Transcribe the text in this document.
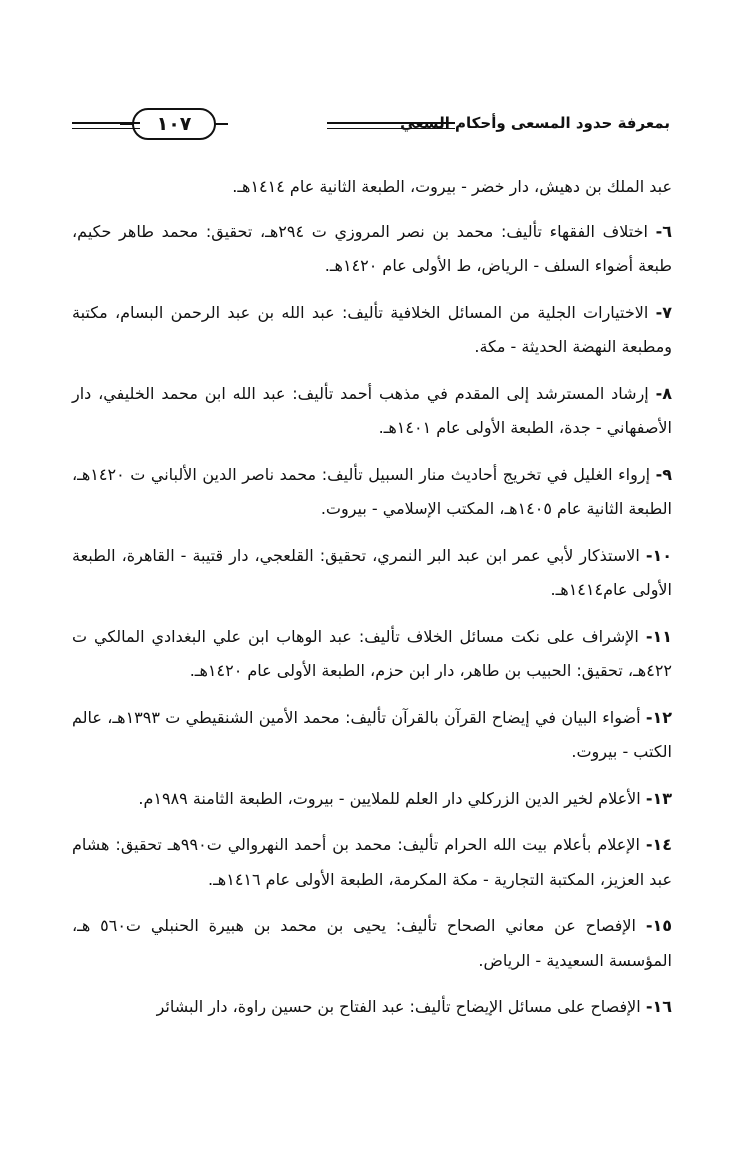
بمعرفة حدود المسعى وأحكام السعي
١٠٧

عبد الملك بن دهيش، دار خضر - بيروت، الطبعة الثانية عام ١٤١٤هـ.

٦- اختلاف الفقهاء تأليف: محمد بن نصر المروزي ت ٢٩٤هـ، تحقيق: محمد طاهر حكيم، طبعة أضواء السلف - الرياض، ط الأولى عام ١٤٢٠هـ.

٧- الاختيارات الجلية من المسائل الخلافية تأليف: عبد الله بن عبد الرحمن البسام، مكتبة ومطبعة النهضة الحديثة - مكة.

٨- إرشاد المسترشد إلى المقدم في مذهب أحمد تأليف: عبد الله ابن محمد الخليفي، دار الأصفهاني - جدة، الطبعة الأولى عام ١٤٠١هـ.

٩- إرواء الغليل في تخريج أحاديث منار السبيل تأليف: محمد ناصر الدين الألباني ت ١٤٢٠هـ، الطبعة الثانية عام ١٤٠٥هـ، المكتب الإسلامي - بيروت.

١٠- الاستذكار لأبي عمر ابن عبد البر النمري، تحقيق: القلعجي، دار قتيبة - القاهرة، الطبعة الأولى عام١٤١٤هـ.

١١- الإشراف على نكت مسائل الخلاف تأليف: عبد الوهاب ابن علي البغدادي المالكي ت ٤٢٢هـ، تحقيق: الحبيب بن طاهر، دار ابن حزم، الطبعة الأولى عام ١٤٢٠هـ.

١٢- أضواء البيان في إيضاح القرآن بالقرآن تأليف: محمد الأمين الشنقيطي ت ١٣٩٣هـ، عالم الكتب - بيروت.

١٣- الأعلام لخير الدين الزركلي دار العلم للملايين - بيروت، الطبعة الثامنة ١٩٨٩م.

١٤- الإعلام بأعلام بيت الله الحرام تأليف: محمد بن أحمد النهروالي ت٩٩٠هـ تحقيق: هشام عبد العزيز، المكتبة التجارية - مكة المكرمة، الطبعة الأولى عام ١٤١٦هـ.

١٥- الإفصاح عن معاني الصحاح تأليف: يحيى بن محمد بن هبيرة الحنبلي ت٥٦٠ هـ، المؤسسة السعيدية - الرياض.

١٦- الإفصاح على مسائل الإيضاح تأليف: عبد الفتاح بن حسين راوة، دار البشائر
